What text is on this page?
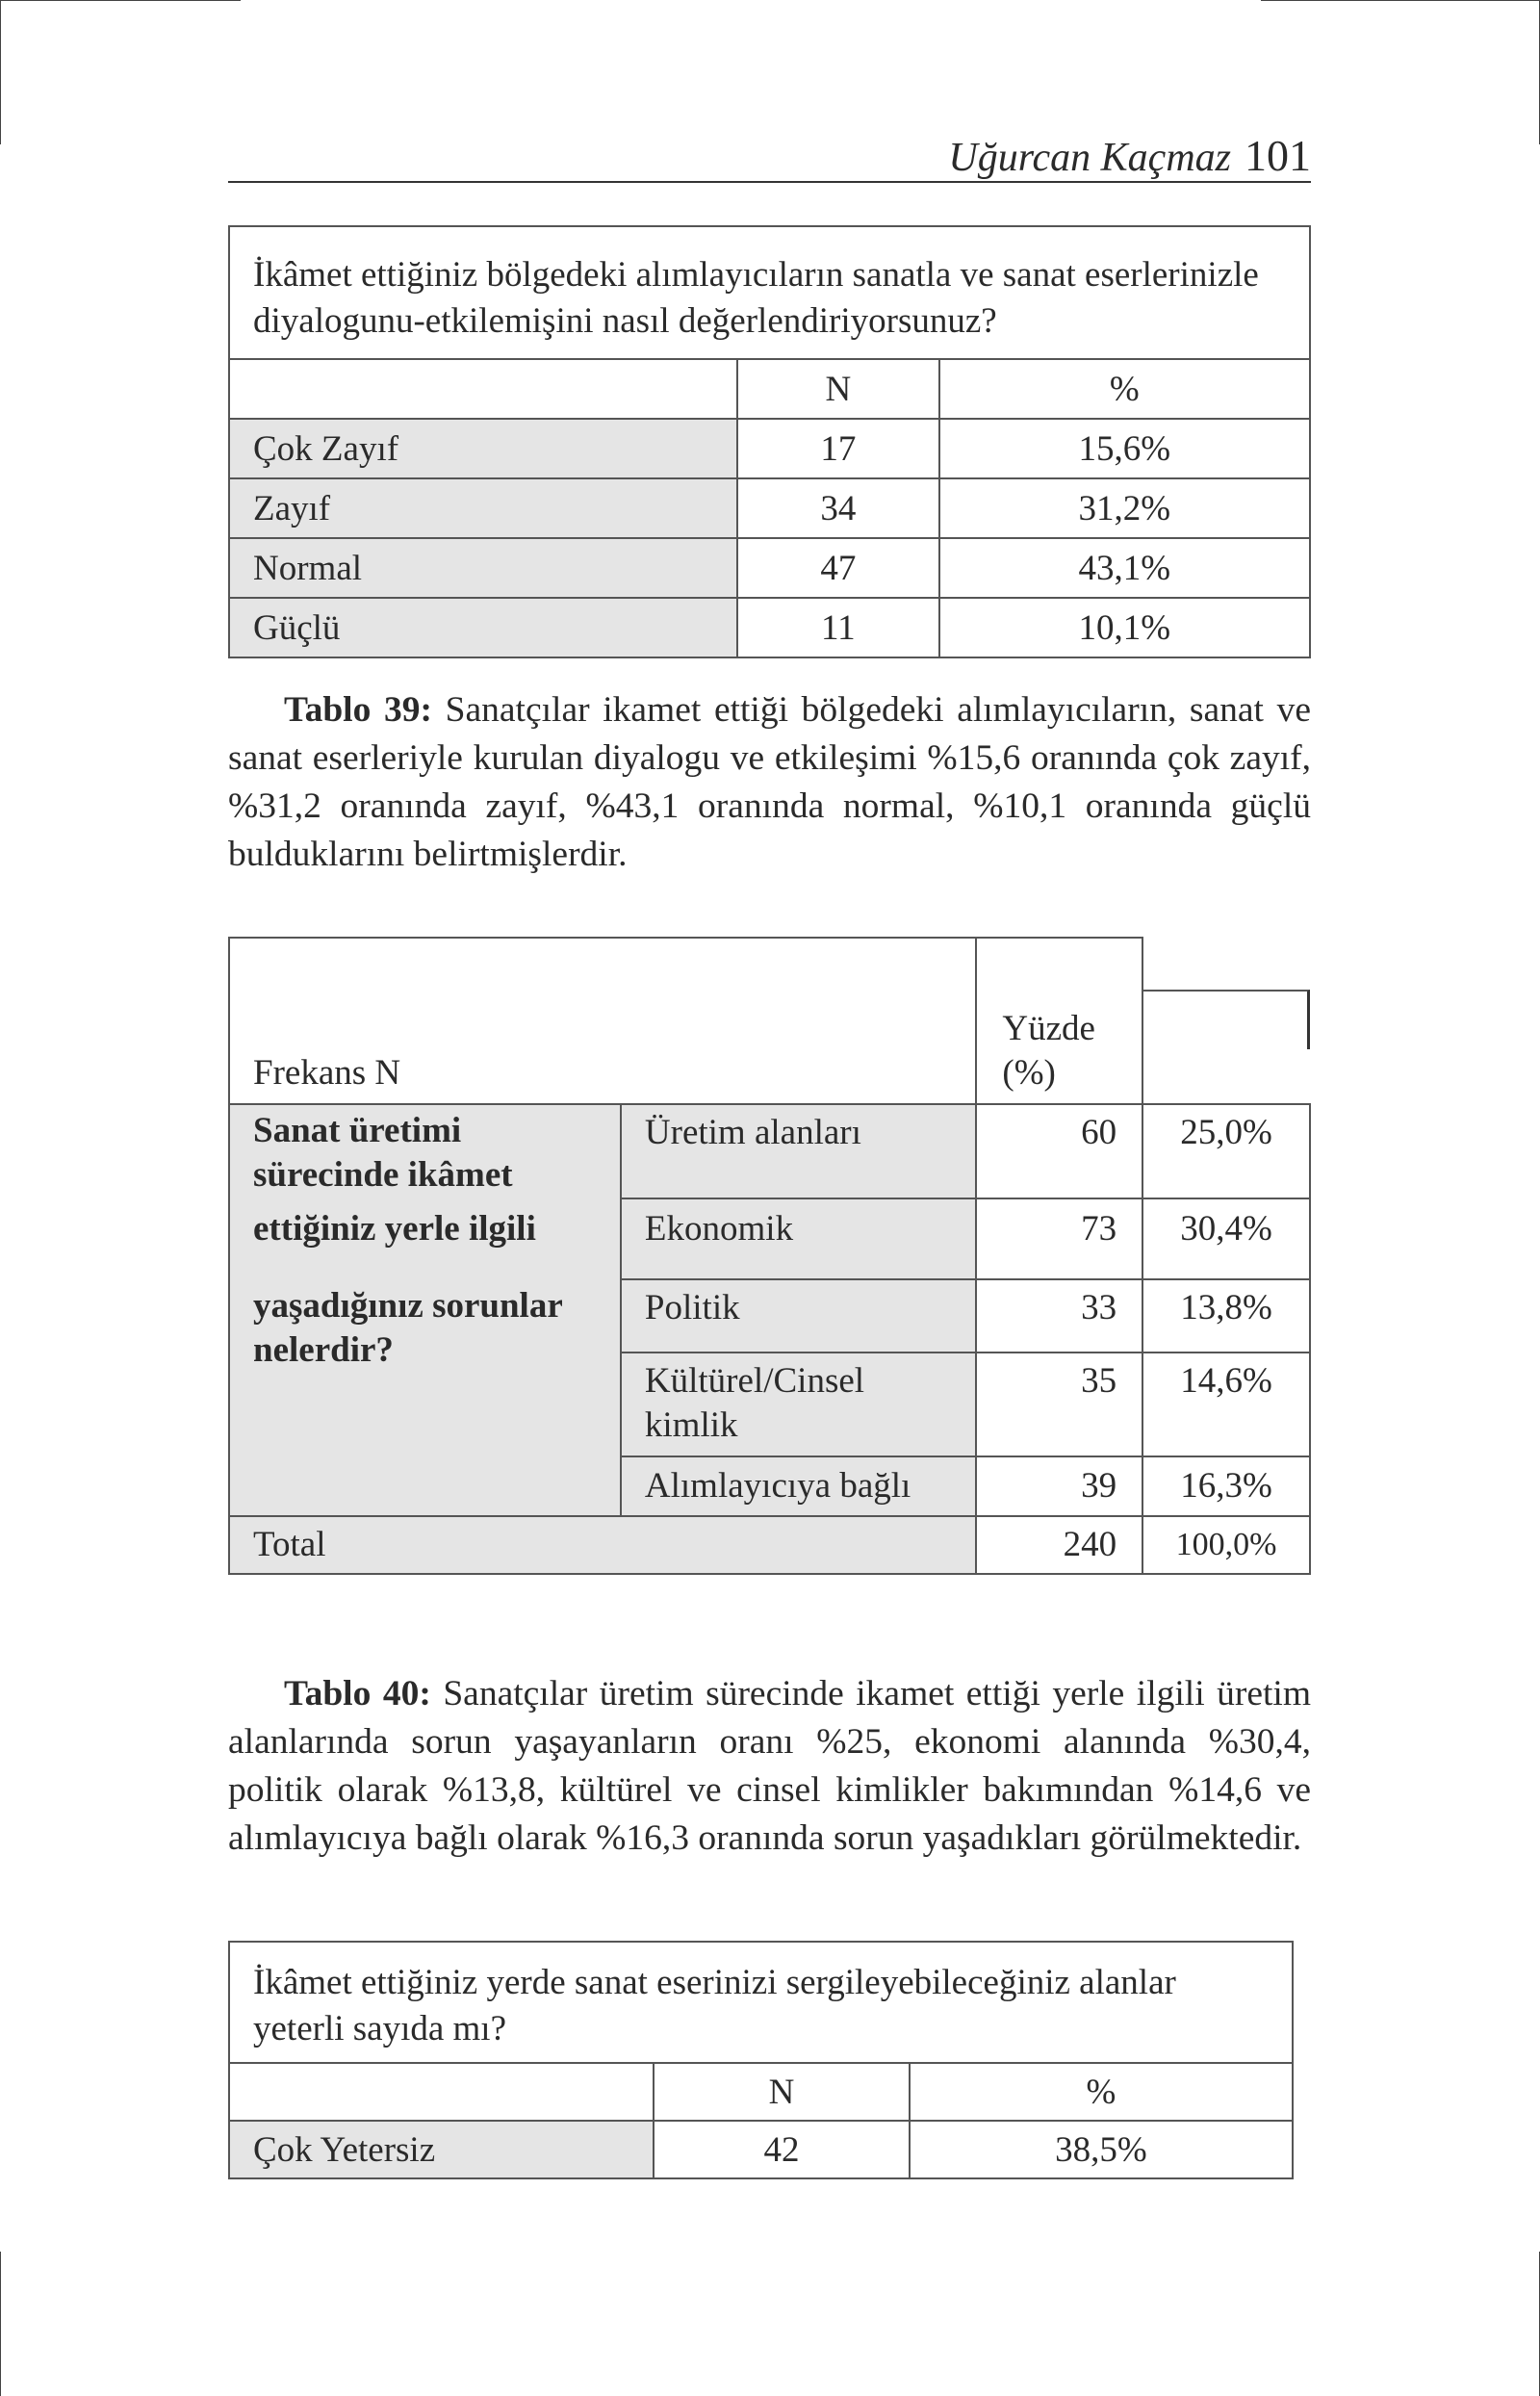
Uğurcan Kaçmaz 101
İkâmet ettiğiniz bölgedeki alımlayıcıların sanatla ve sanat eserlerinizle diyalogunu-etkilemişini nasıl değerlendiriyorsunuz?		
	N	%
Çok Zayıf	17	15,6%
Zayıf	34	31,2%
Normal	47	43,1%
Güçlü	11	10,1%

Tablo 39: Sanatçılar ikamet ettiği bölgedeki alımlayıcıların, sanat ve sanat eserleriyle kurulan diyalogu ve etkileşimi %15,6 oranında çok zayıf, %31,2 oranında zayıf, %43,1 oranında normal, %10,1 oranında güçlü bulduklarını belirtmişlerdir.

Frekans N		Yüzde (%)	

Sanat üretimi sürecinde ikâmet
ettiğiniz yerle ilgili
yaşadığınız sorunlar nelerdir?	Üretim alanları	60	25,0%
	Ekonomik	73	30,4%
	Politik	33	13,8%
	Kültürel/Cinsel kimlik	35	14,6%
	Alımlayıcıya bağlı	39	16,3%
Total		240	100,0%

Tablo 40: Sanatçılar üretim sürecinde ikamet ettiği yerle ilgili üretim alanlarında sorun yaşayanların oranı %25, ekonomi alanında %30,4, politik olarak %13,8, kültürel ve cinsel kimlikler bakımından %14,6 ve alımlayıcıya bağlı olarak %16,3 oranında sorun yaşadıkları görülmektedir.

İkâmet ettiğiniz yerde sanat eserinizi sergileyebileceğiniz alanlar yeterli sayıda mı?		
	N	%
Çok Yetersiz	42	38,5%
